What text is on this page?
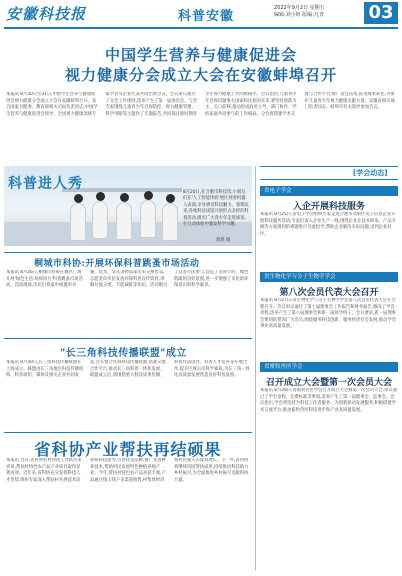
安徽科技报	科普安徽
2022年9月2日 星期五
编辑:刘小婷 版编:凡青	03
中国学生营养与健康促进会
视力健康分会成立大会在安徽蚌埠召开
本报讯 8月30日至31日,中国学生营养与健康促进会视力健康分会成立大会在安徽蚌埠召开。来自国家卫健委、教育部相关司局负责同志,中国学生营养与健康促进会领导、全国视力健康领域专家学者及企业代表共同出席会议。会议审议通过了分会工作规则,选举产生了第一届委员会。与会专家围绕儿童青少年近视防控、视力健康管理、科学用眼等主题作了专题报告,共同探讨新时期青少年视力健康工作的新路径。会议指出,儿童青少年近视问题事关国家和民族的未来,要坚持预防为主、关口前移,推动形成政府主导、部门协作、学校家庭共同参与的工作格局。分会将搭建学术交流与合作平台,推广适宜技术,促进成果转化,为保护儿童青少年视力健康贡献力量。安徽省相关部门负责同志、蚌埠市有关领导参加会议。
科普进人秀
8月20日,在合肥市科技馆,小朋友们在'人工智能体验'展区观看机器人表演,亲身感受科技魅力。暑期以来,各地科技场馆开展形式多样的科普活动,吸引广大青少年走进场馆,在互动体验中激发科学兴趣。
郭晨 摄
[学会动态]
省电子学会
入企开展科技服务
本报讯 8月25日,省电子学会组织专家走进合肥市高新区电子信息企业开展科技服务活动,专家们深入企业生产一线,围绕企业在技术研发、产品升级等方面遇到的难题进行交流指导,帮助企业解决实际问题,受到企业好评。
省生物化学与分子生物学学会
第八次会员代表大会召开
本报讯 8月27日,省生物化学与分子生物学学会第八次会员代表大会在合肥召开。会议审议通过了第七届理事会工作报告和财务报告,修改了学会章程,选举产生了第八届理事会和新一届领导班子。会议要求,新一届理事会要团结带领广大会员,围绕服务科技创新、服务经济社会发展,推动学会事业高质量发展。
省畜牧兽医学会
召开成立大会暨第一次会员大会
本报讯 8月28日,省畜牧兽医学会召开成立大会暨第一次会员大会,审议通过了学会章程、会费标准等事项,选举产生了第一届理事会、监事会。会议指出,学会将坚持为科技工作者服务、为创新驱动发展服务,积极搭建学术交流平台,推动畜牧兽医科技进步和产业高质量发展。
桐城市科协:开展环保科普跳蚤市场活动
本报讯 8月26日,桐城市科协在城区广场开展'绿色生活·环保同行'科普跳蚤市场活动。活动现场,市民们将家中闲置的书籍、玩具、文具等物品拿出来交换售卖,志愿者向市民发放环保科普宣传资料,讲解垃圾分类、节能减排等知识。活动吸引了众多市民参与,营造了崇尚节约、绿色低碳的良好氛围,进一步增强了市民的环保意识和科学素养。
"长三角科技传播联盟"成立
本报讯 8月30日,长三角科技传播联盟在上海成立。联盟由长三角地区科技传播机构、科普场馆、媒体及相关企业共同发起,旨在整合区域科技传播资源,搭建交流合作平台,推动长三角科普一体化发展。联盟成立后,将围绕重大科技成果传播、科普作品创作、科普人才培养等开展合作,提升区域公民科学素质,为长三角一体化高质量发展营造良好科普氛围。
省科协产业帮扶再结硕果
本报讯 近日,省科协驻村帮扶工作队传来喜讯,帮扶村特色农产品产业项目取得显著成效。近年来,省科协充分发挥科技人才优势,组织专家深入帮扶村开展技术培训和科技指导,引进优良品种,推广先进种养技术,帮助村民发展特色种植养殖产业。今年,帮扶村特色农产品喜获丰收,产品通过线上线下多渠道销售,村集体经济和村民收入实现双增长。下一步,省科协将继续巩固帮扶成果,持续推动科技助力乡村振兴,为全面推进乡村振兴贡献科协力量。
